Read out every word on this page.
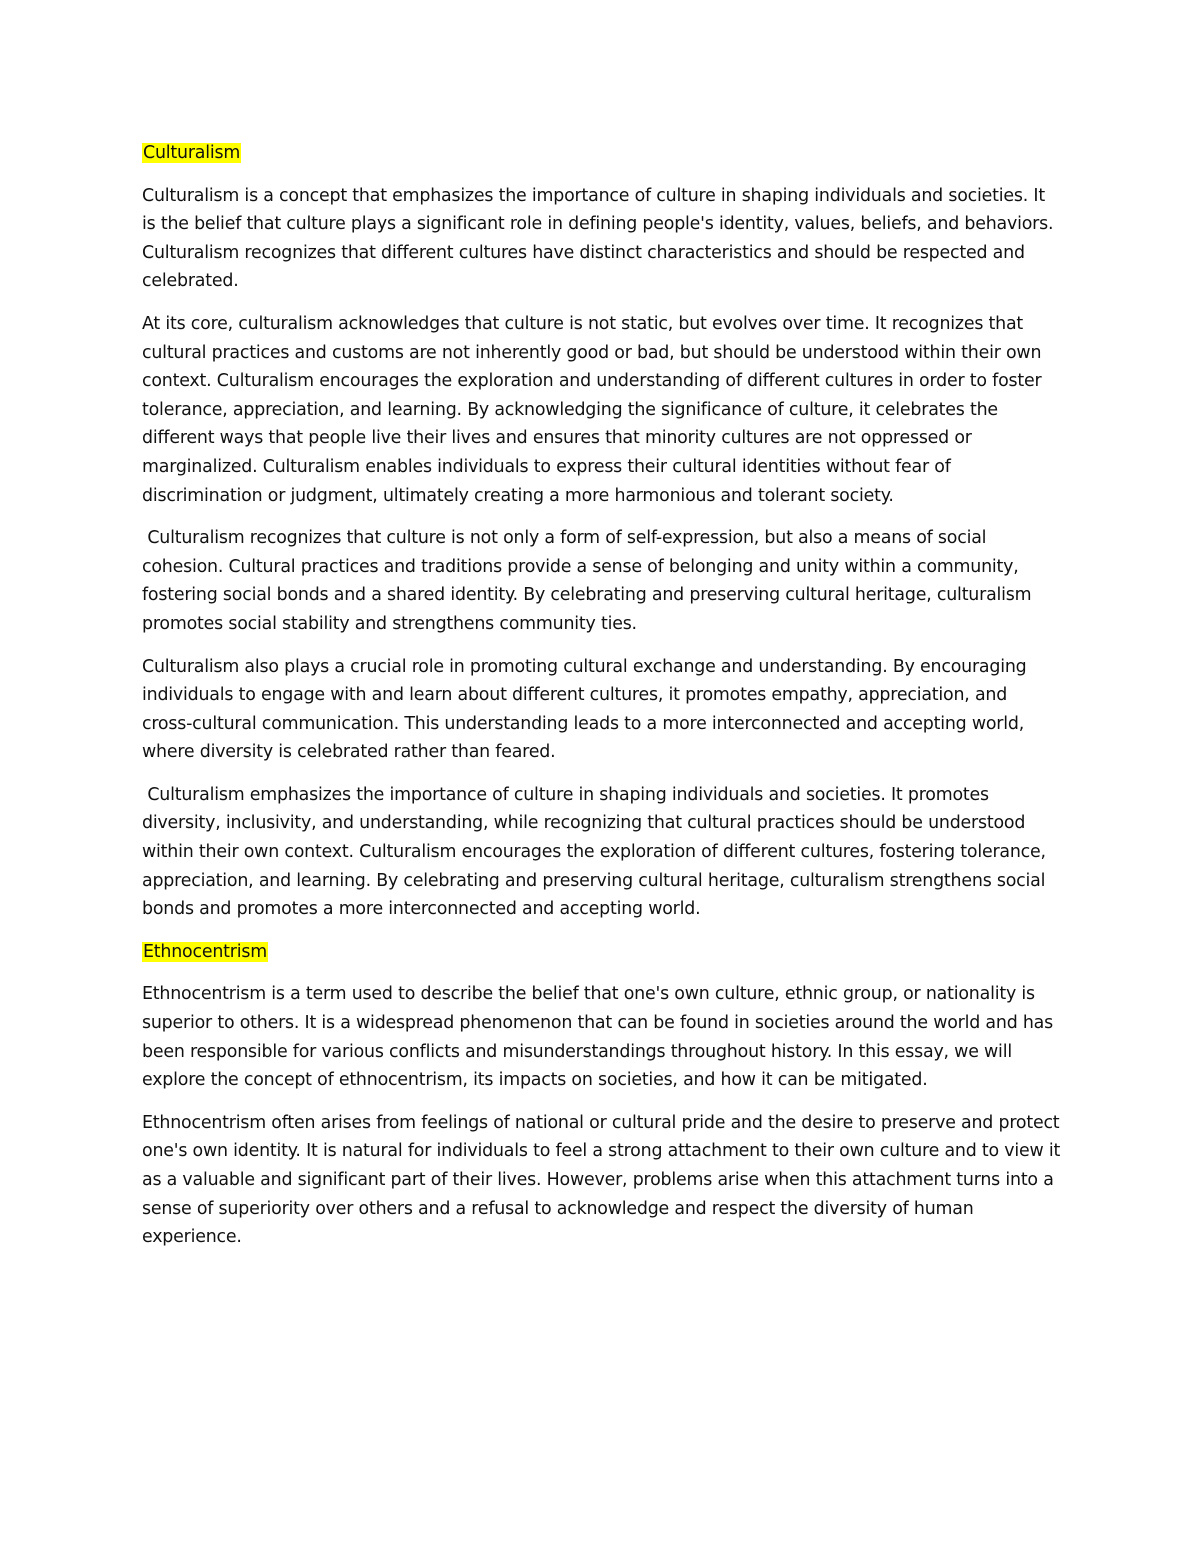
Culturalism

Culturalism is a concept that emphasizes the importance of culture in shaping individuals and societies. It is the belief that culture plays a significant role in defining people's identity, values, beliefs, and behaviors. Culturalism recognizes that different cultures have distinct characteristics and should be respected and celebrated.

At its core, culturalism acknowledges that culture is not static, but evolves over time. It recognizes that cultural practices and customs are not inherently good or bad, but should be understood within their own context. Culturalism encourages the exploration and understanding of different cultures in order to foster tolerance, appreciation, and learning. By acknowledging the significance of culture, it celebrates the different ways that people live their lives and ensures that minority cultures are not oppressed or marginalized. Culturalism enables individuals to express their cultural identities without fear of discrimination or judgment, ultimately creating a more harmonious and tolerant society.

Culturalism recognizes that culture is not only a form of self-expression, but also a means of social cohesion. Cultural practices and traditions provide a sense of belonging and unity within a community, fostering social bonds and a shared identity. By celebrating and preserving cultural heritage, culturalism promotes social stability and strengthens community ties.

Culturalism also plays a crucial role in promoting cultural exchange and understanding. By encouraging individuals to engage with and learn about different cultures, it promotes empathy, appreciation, and cross-cultural communication. This understanding leads to a more interconnected and accepting world, where diversity is celebrated rather than feared.

Culturalism emphasizes the importance of culture in shaping individuals and societies. It promotes diversity, inclusivity, and understanding, while recognizing that cultural practices should be understood within their own context. Culturalism encourages the exploration of different cultures, fostering tolerance, appreciation, and learning. By celebrating and preserving cultural heritage, culturalism strengthens social bonds and promotes a more interconnected and accepting world.

Ethnocentrism

Ethnocentrism is a term used to describe the belief that one's own culture, ethnic group, or nationality is superior to others. It is a widespread phenomenon that can be found in societies around the world and has been responsible for various conflicts and misunderstandings throughout history. In this essay, we will explore the concept of ethnocentrism, its impacts on societies, and how it can be mitigated.

Ethnocentrism often arises from feelings of national or cultural pride and the desire to preserve and protect one's own identity. It is natural for individuals to feel a strong attachment to their own culture and to view it as a valuable and significant part of their lives. However, problems arise when this attachment turns into a sense of superiority over others and a refusal to acknowledge and respect the diversity of human experience.
